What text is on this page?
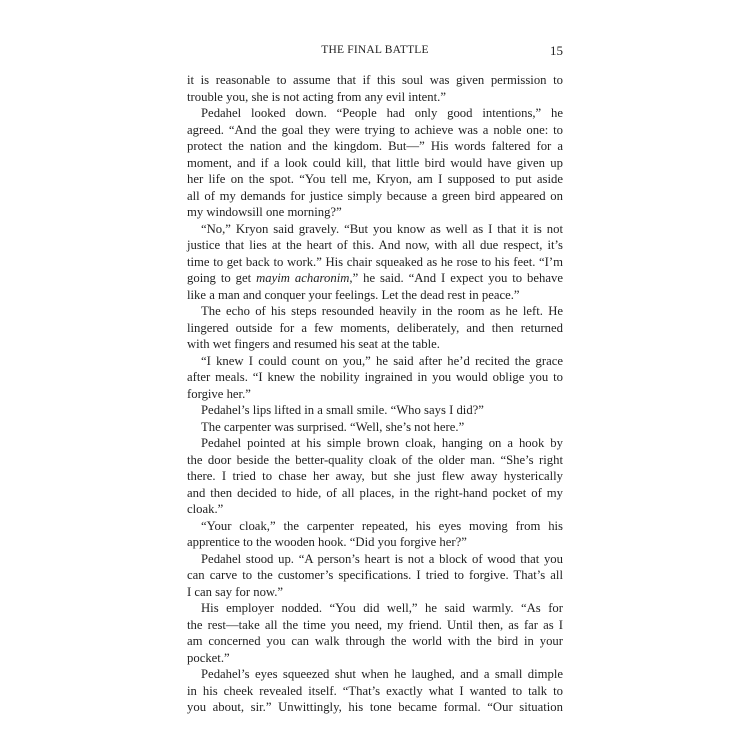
THE FINAL BATTLE	15
it is reasonable to assume that if this soul was given permission to
trouble you, she is not acting from any evil intent.”
Pedahel looked down. “People had only good intentions,” he
agreed. “And the goal they were trying to achieve was a noble one: to
protect the nation and the kingdom. But—” His words faltered for a
moment, and if a look could kill, that little bird would have given up
her life on the spot. “You tell me, Kryon, am I supposed to put aside
all of my demands for justice simply because a green bird appeared on
my windowsill one morning?”
“No,” Kryon said gravely. “But you know as well as I that it is not
justice that lies at the heart of this. And now, with all due respect, it’s
time to get back to work.” His chair squeaked as he rose to his feet. “I’m
going to get mayim acharonim,” he said. “And I expect you to behave
like a man and conquer your feelings. Let the dead rest in peace.”
The echo of his steps resounded heavily in the room as he left. He
lingered outside for a few moments, deliberately, and then returned
with wet fingers and resumed his seat at the table.
“I knew I could count on you,” he said after he’d recited the grace
after meals. “I knew the nobility ingrained in you would oblige you to
forgive her.”
Pedahel’s lips lifted in a small smile. “Who says I did?”
The carpenter was surprised. “Well, she’s not here.”
Pedahel pointed at his simple brown cloak, hanging on a hook by
the door beside the better-quality cloak of the older man. “She’s right
there. I tried to chase her away, but she just flew away hysterically
and then decided to hide, of all places, in the right-hand pocket of my
cloak.”
“Your cloak,” the carpenter repeated, his eyes moving from his
apprentice to the wooden hook. “Did you forgive her?”
Pedahel stood up. “A person’s heart is not a block of wood that you
can carve to the customer’s specifications. I tried to forgive. That’s all
I can say for now.”
His employer nodded. “You did well,” he said warmly. “As for
the rest—take all the time you need, my friend. Until then, as far as I
am concerned you can walk through the world with the bird in your
pocket.”
Pedahel’s eyes squeezed shut when he laughed, and a small dimple
in his cheek revealed itself. “That’s exactly what I wanted to talk to
you about, sir.” Unwittingly, his tone became formal. “Our situation
